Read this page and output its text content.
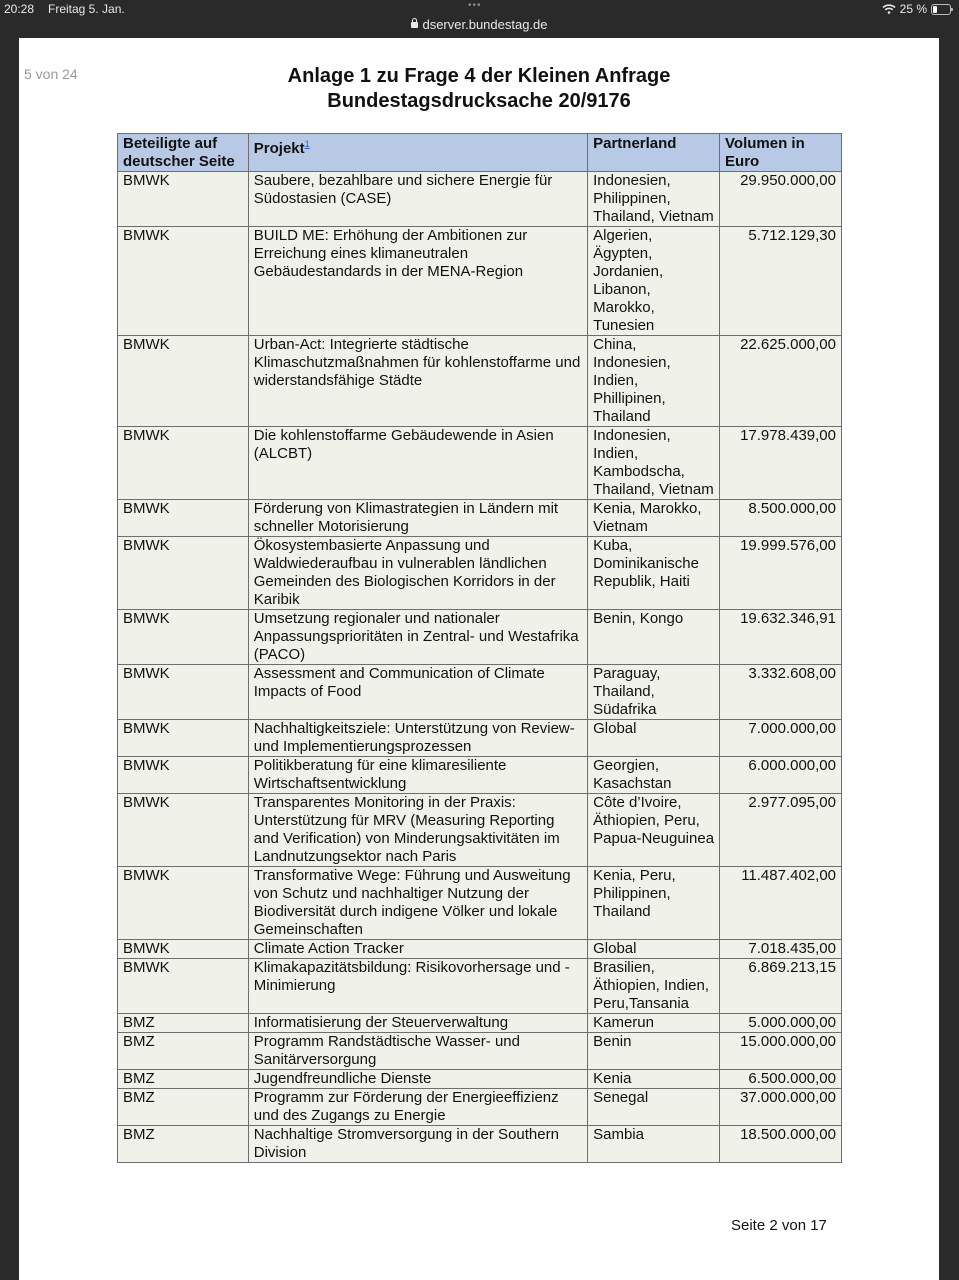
20:28 Freitag 5. Jan.	•••
dserver.bundestag.de
25 %
5 von 24	Anlage 1 zu Frage 4 der Kleinen Anfrage
Bundestagsdrucksache 20/9176
Beteiligte auf deutscher Seite	Projekt$^1$	Partnerland	Volumen in Euro
BMWK	Saubere, bezahlbare und sichere Energie für Südostasien (CASE)	Indonesien, Philippinen, Thailand, Vietnam	29.950.000,00
BMWK	BUILD ME: Erhöhung der Ambitionen zur Erreichung eines klimaneutralen Gebäudestandards in der MENA-Region	Algerien, Ägypten, Jordanien, Libanon, Marokko, Tunesien	5.712.129,30
BMWK	Urban-Act: Integrierte städtische Klimaschutzmaßnahmen für kohlenstoffarme und widerstandsfähige Städte	China, Indonesien, Indien, Phillipinen, Thailand	22.625.000,00
BMWK	Die kohlenstoffarme Gebäudewende in Asien (ALCBT)	Indonesien, Indien, Kambodscha, Thailand, Vietnam	17.978.439,00
BMWK	Förderung von Klimastrategien in Ländern mit schneller Motorisierung	Kenia, Marokko, Vietnam	8.500.000,00
BMWK	Ökosystembasierte Anpassung und Waldwiederaufbau in vulnerablen ländlichen Gemeinden des Biologischen Korridors in der Karibik	Kuba, Dominikanische Republik, Haiti	19.999.576,00
BMWK	Umsetzung regionaler und nationaler Anpassungsprioritäten in Zentral- und Westafrika (PACO)	Benin, Kongo	19.632.346,91
BMWK	Assessment and Communication of Climate Impacts of Food	Paraguay, Thailand, Südafrika	3.332.608,00
BMWK	Nachhaltigkeitsziele: Unterstützung von Review- und Implementierungsprozessen	Global	7.000.000,00
BMWK	Politikberatung für eine klimaresiliente Wirtschaftsentwicklung	Georgien, Kasachstan	6.000.000,00
BMWK	Transparentes Monitoring in der Praxis: Unterstützung für MRV (Measuring Reporting and Verification) von Minderungsaktivitäten im Landnutzungsektor nach Paris	Côte d’Ivoire, Äthiopien, Peru, Papua-Neuguinea	2.977.095,00
BMWK	Transformative Wege: Führung und Ausweitung von Schutz und nachhaltiger Nutzung der Biodiversität durch indigene Völker und lokale Gemeinschaften	Kenia, Peru, Philippinen, Thailand	11.487.402,00
BMWK	Climate Action Tracker	Global	7.018.435,00
BMWK	Klimakapazitätsbildung: Risikovorhersage und -Minimierung	Brasilien, Äthiopien, Indien, Peru,Tansania	6.869.213,15
BMZ	Informatisierung der Steuerverwaltung	Kamerun	5.000.000,00
BMZ	Programm Randstädtische Wasser- und Sanitärversorgung	Benin	15.000.000,00
BMZ	Jugendfreundliche Dienste	Kenia	6.500.000,00
BMZ	Programm zur Förderung der Energieeffizienz und des Zugangs zu Energie	Senegal	37.000.000,00
BMZ	Nachhaltige Stromversorgung in der Southern Division	Sambia	18.500.000,00
Seite 2 von 17
